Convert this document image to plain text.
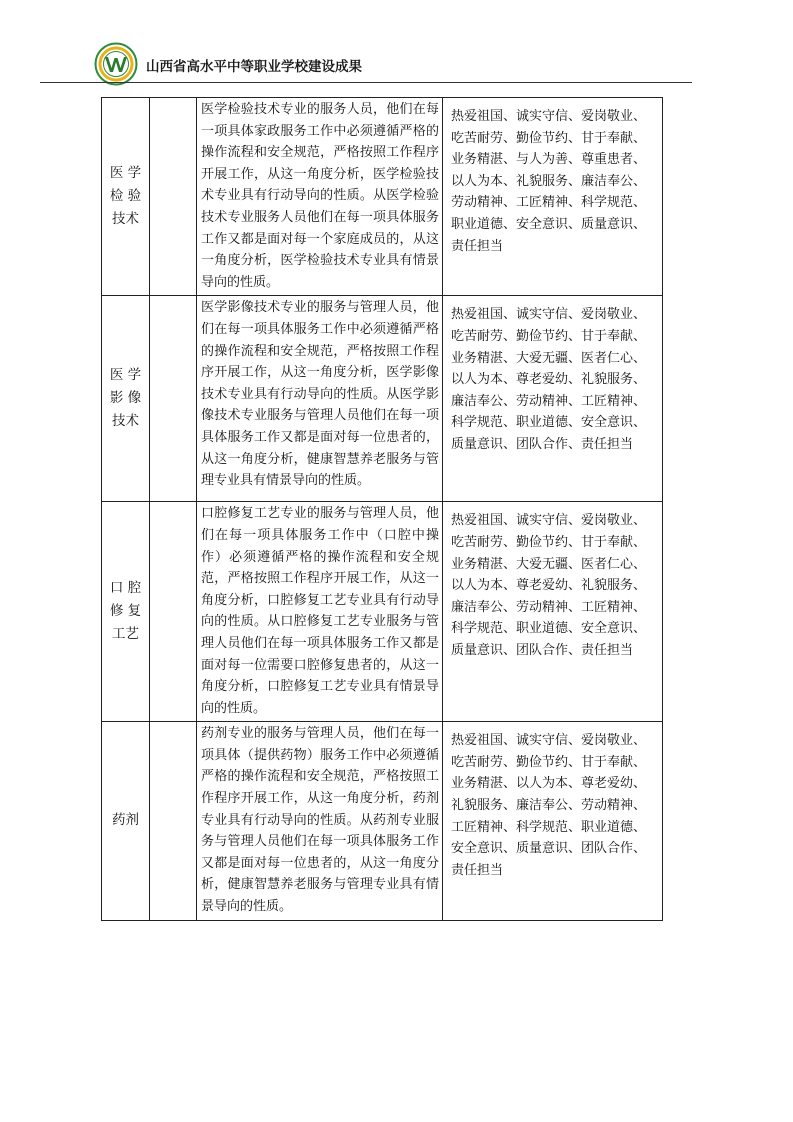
山西省高水平中等职业学校建设成果
医 学
检 验
技术		医学检验技术专业的服务人员，他们在每一项具体家政服务工作中必须遵循严格的操作流程和安全规范，严格按照工作程序开展工作，从这一角度分析，医学检验技术专业具有行动导向的性质。从医学检验技术专业服务人员他们在每一项具体服务工作又都是面对每一个家庭成员的，从这一角度分析，医学检验技术专业具有情景导向的性质。	热爱祖国、诚实守信、爱岗敬业、吃苦耐劳、勤俭节约、甘于奉献、业务精湛、与人为善、尊重患者、以人为本、礼貌服务、廉洁奉公、劳动精神、工匠精神、科学规范、职业道德、安全意识、质量意识、责任担当

医 学
影 像
技术		医学影像技术专业的服务与管理人员，他们在每一项具体服务工作中必须遵循严格的操作流程和安全规范，严格按照工作程序开展工作，从这一角度分析，医学影像技术专业具有行动导向的性质。从医学影像技术专业服务与管理人员他们在每一项具体服务工作又都是面对每一位患者的，从这一角度分析，健康智慧养老服务与管理专业具有情景导向的性质。	热爱祖国、诚实守信、爱岗敬业、吃苦耐劳、勤俭节约、甘于奉献、业务精湛、大爱无疆、医者仁心、以人为本、尊老爱幼、礼貌服务、廉洁奉公、劳动精神、工匠精神、科学规范、职业道德、安全意识、质量意识、团队合作、责任担当

口 腔
修 复
工艺		口腔修复工艺专业的服务与管理人员，他们在每一项具体服务工作中（口腔中操作）必须遵循严格的操作流程和安全规范，严格按照工作程序开展工作，从这一角度分析，口腔修复工艺专业具有行动导向的性质。从口腔修复工艺专业服务与管理人员他们在每一项具体服务工作又都是面对每一位需要口腔修复患者的，从这一角度分析，口腔修复工艺专业具有情景导向的性质。	热爱祖国、诚实守信、爱岗敬业、吃苦耐劳、勤俭节约、甘于奉献、业务精湛、大爱无疆、医者仁心、以人为本、尊老爱幼、礼貌服务、廉洁奉公、劳动精神、工匠精神、科学规范、职业道德、安全意识、质量意识、团队合作、责任担当

药剂		药剂专业的服务与管理人员，他们在每一项具体（提供药物）服务工作中必须遵循严格的操作流程和安全规范，严格按照工作程序开展工作，从这一角度分析，药剂专业具有行动导向的性质。从药剂专业服务与管理人员他们在每一项具体服务工作又都是面对每一位患者的，从这一角度分析，健康智慧养老服务与管理专业具有情景导向的性质。	热爱祖国、诚实守信、爱岗敬业、吃苦耐劳、勤俭节约、甘于奉献、业务精湛、以人为本、尊老爱幼、礼貌服务、廉洁奉公、劳动精神、工匠精神、科学规范、职业道德、安全意识、质量意识、团队合作、责任担当
